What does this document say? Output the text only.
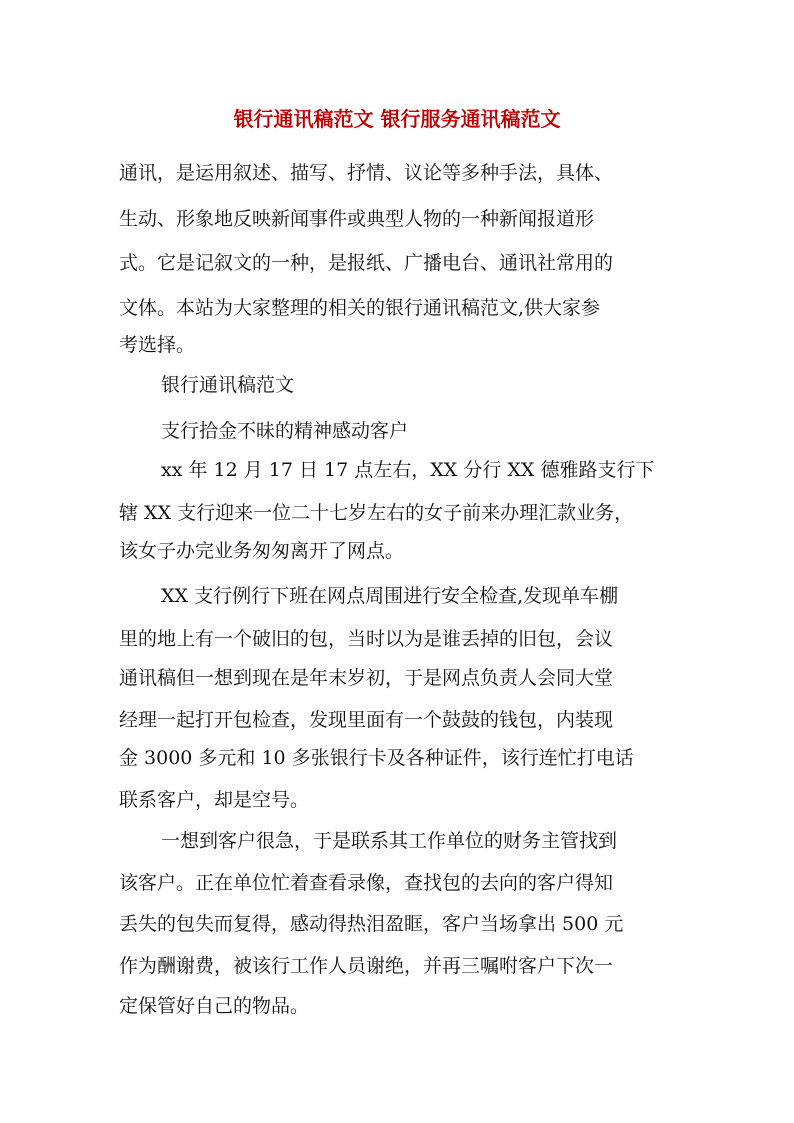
银行通讯稿范文 银行服务通讯稿范文
通讯，是运用叙述、描写、抒情、议论等多种手法，具体、
生动、形象地反映新闻事件或典型人物的一种新闻报道形
式。它是记叙文的一种，是报纸、广播电台、通讯社常用的
文体。本站为大家整理的相关的银行通讯稿范文,供大家参
考选择。
银行通讯稿范文
支行拾金不昧的精神感动客户
xx 年 12 月 17 日 17 点左右，XX 分行 XX 德雅路支行下
辖 XX 支行迎来一位二十七岁左右的女子前来办理汇款业务，
该女子办完业务匆匆离开了网点。
XX 支行例行下班在网点周围进行安全检查,发现单车棚
里的地上有一个破旧的包，当时以为是谁丢掉的旧包，会议
通讯稿但一想到现在是年末岁初，于是网点负责人会同大堂
经理一起打开包检查，发现里面有一个鼓鼓的钱包，内装现
金 3000 多元和 10 多张银行卡及各种证件，该行连忙打电话
联系客户，却是空号。
一想到客户很急，于是联系其工作单位的财务主管找到
该客户。正在单位忙着查看录像，查找包的去向的客户得知
丢失的包失而复得，感动得热泪盈眶，客户当场拿出 500 元
作为酬谢费，被该行工作人员谢绝，并再三嘱咐客户下次一
定保管好自己的物品。
